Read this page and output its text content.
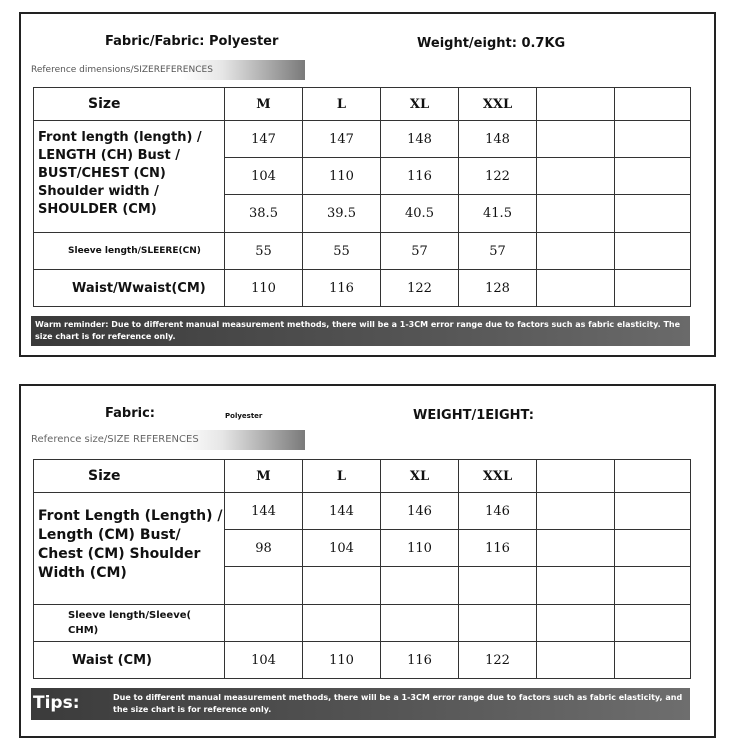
Fabric/Fabric: Polyester	Weight/eight: 0.7KG
Reference dimensions/SIZEREFERENCES
Size	M	L	XL	XXL		
Front length (length) / LENGTH (CH) Bust / BUST/CHEST (CN) Shoulder width / SHOULDER (CM)	147	147	148	148		
	104	110	116	122		
	38.5	39.5	40.5	41.5		
Sleeve length/SLEERE(CN)	55	55	57	57		
Waist/Wwaist(CM)	110	116	122	128		
Warm reminder: Due to different manual measurement methods, there will be a 1-3CM error range due to factors such as fabric elasticity. The size chart is for reference only.
Fabric:	Polyester	WEIGHT/1EIGHT:
Reference size/SIZE REFERENCES
Size	M	L	XL	XXL		
Front Length (Length) / Length (CM) Bust/ Chest (CM) Shoulder Width (CM)	144	144	146	146		
	98	104	110	116		

Sleeve length/Sleeve( CHM)						
Waist (CM)	104	110	116	122		
Tips:	Due to different manual measurement methods, there will be a 1-3CM error range due to factors such as fabric elasticity, and the size chart is for reference only.
